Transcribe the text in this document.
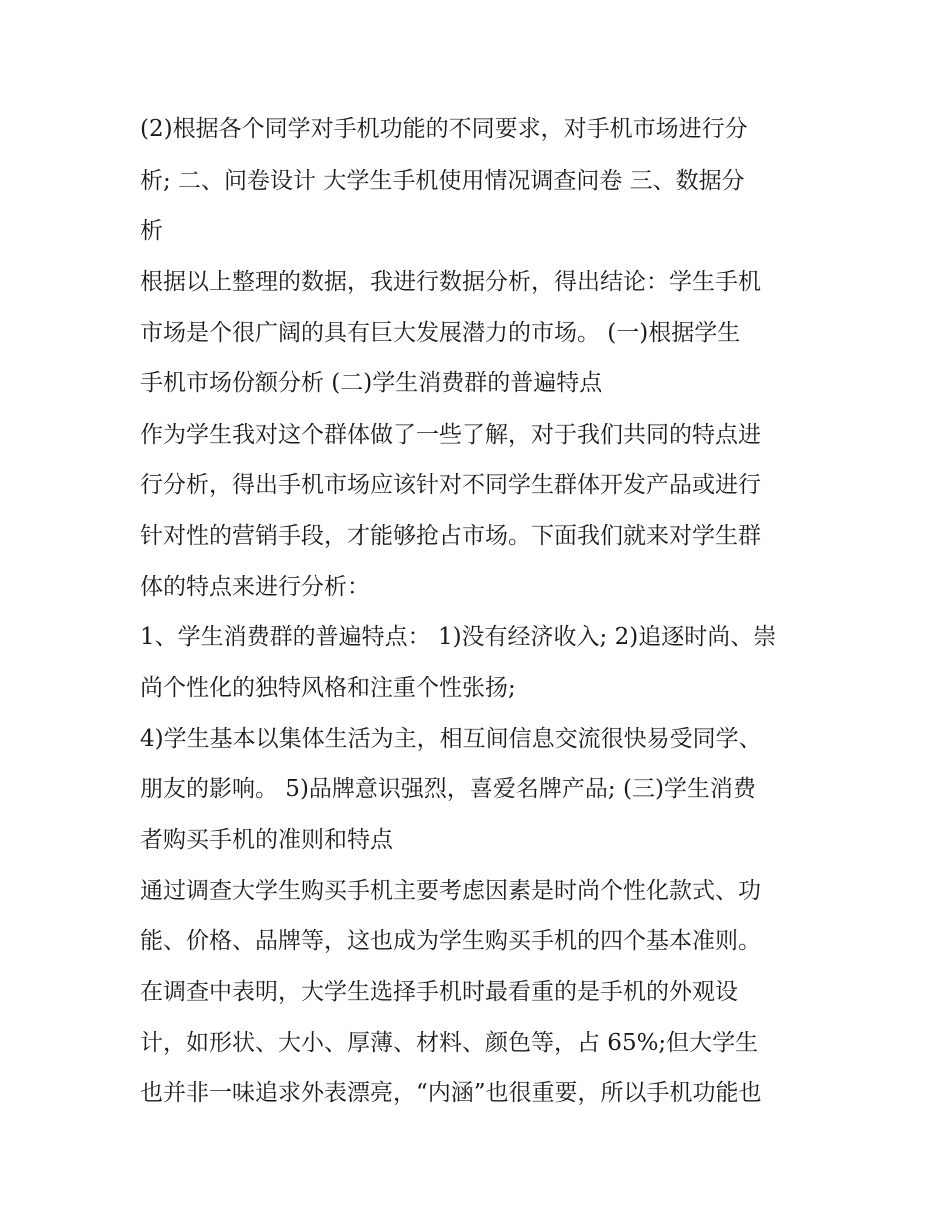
(2)根据各个同学对手机功能的不同要求，对手机市场进行分
析; 二、问卷设计 大学生手机使用情况调查问卷 三、数据分
析
根据以上整理的数据，我进行数据分析，得出结论：学生手机
市场是个很广阔的具有巨大发展潜力的市场。 (一)根据学生
手机市场份额分析 (二)学生消费群的普遍特点
作为学生我对这个群体做了一些了解，对于我们共同的特点进
行分析，得出手机市场应该针对不同学生群体开发产品或进行
针对性的营销手段，才能够抢占市场。下面我们就来对学生群
体的特点来进行分析：
1、学生消费群的普遍特点： 1)没有经济收入; 2)追逐时尚、崇
尚个性化的独特风格和注重个性张扬;
4)学生基本以集体生活为主，相互间信息交流很快易受同学、
朋友的影响。 5)品牌意识强烈，喜爱名牌产品; (三)学生消费
者购买手机的准则和特点
通过调查大学生购买手机主要考虑因素是时尚个性化款式、功
能、价格、品牌等，这也成为学生购买手机的四个基本准则。
在调查中表明，大学生选择手机时最看重的是手机的外观设
计，如形状、大小、厚薄、材料、颜色等，占 65%;但大学生
也并非一味追求外表漂亮，“内涵”也很重要，所以手机功能也
